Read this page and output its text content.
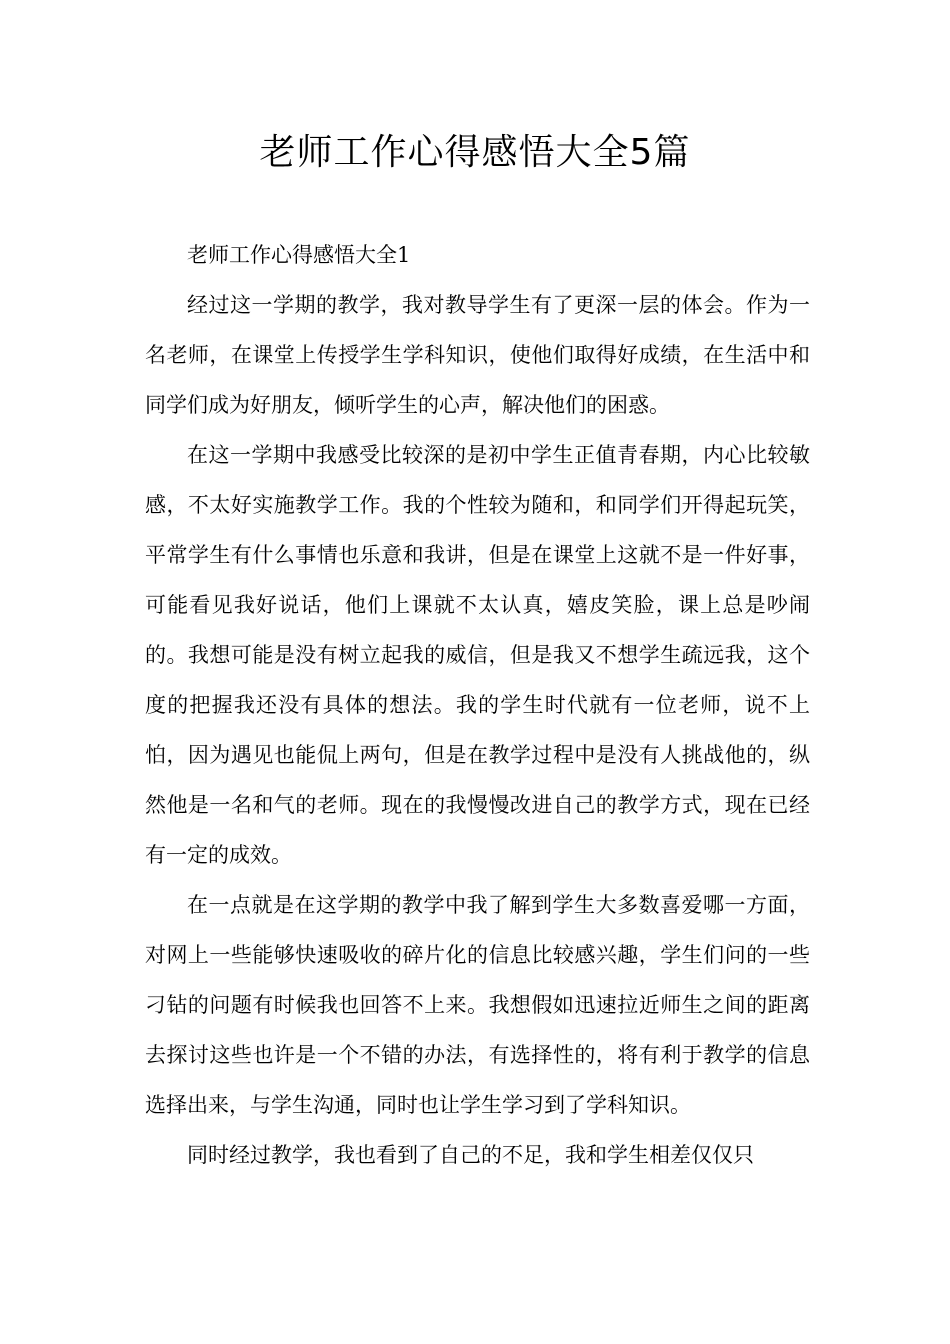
老师工作心得感悟大全5篇

老师工作心得感悟大全1

经过这一学期的教学，我对教导学生有了更深一层的体会。作为一名老师，在课堂上传授学生学科知识，使他们取得好成绩，在生活中和同学们成为好朋友，倾听学生的心声，解决他们的困惑。

在这一学期中我感受比较深的是初中学生正值青春期，内心比较敏感，不太好实施教学工作。我的个性较为随和，和同学们开得起玩笑，平常学生有什么事情也乐意和我讲，但是在课堂上这就不是一件好事，可能看见我好说话，他们上课就不太认真，嬉皮笑脸，课上总是吵闹的。我想可能是没有树立起我的威信，但是我又不想学生疏远我，这个度的把握我还没有具体的想法。我的学生时代就有一位老师，说不上怕，因为遇见也能侃上两句，但是在教学过程中是没有人挑战他的，纵然他是一名和气的老师。现在的我慢慢改进自己的教学方式，现在已经有一定的成效。

在一点就是在这学期的教学中我了解到学生大多数喜爱哪一方面，对网上一些能够快速吸收的碎片化的信息比较感兴趣，学生们问的一些刁钻的问题有时候我也回答不上来。我想假如迅速拉近师生之间的距离去探讨这些也许是一个不错的办法，有选择性的，将有利于教学的信息选择出来，与学生沟通，同时也让学生学习到了学科知识。

同时经过教学，我也看到了自己的不足，我和学生相差仅仅只
